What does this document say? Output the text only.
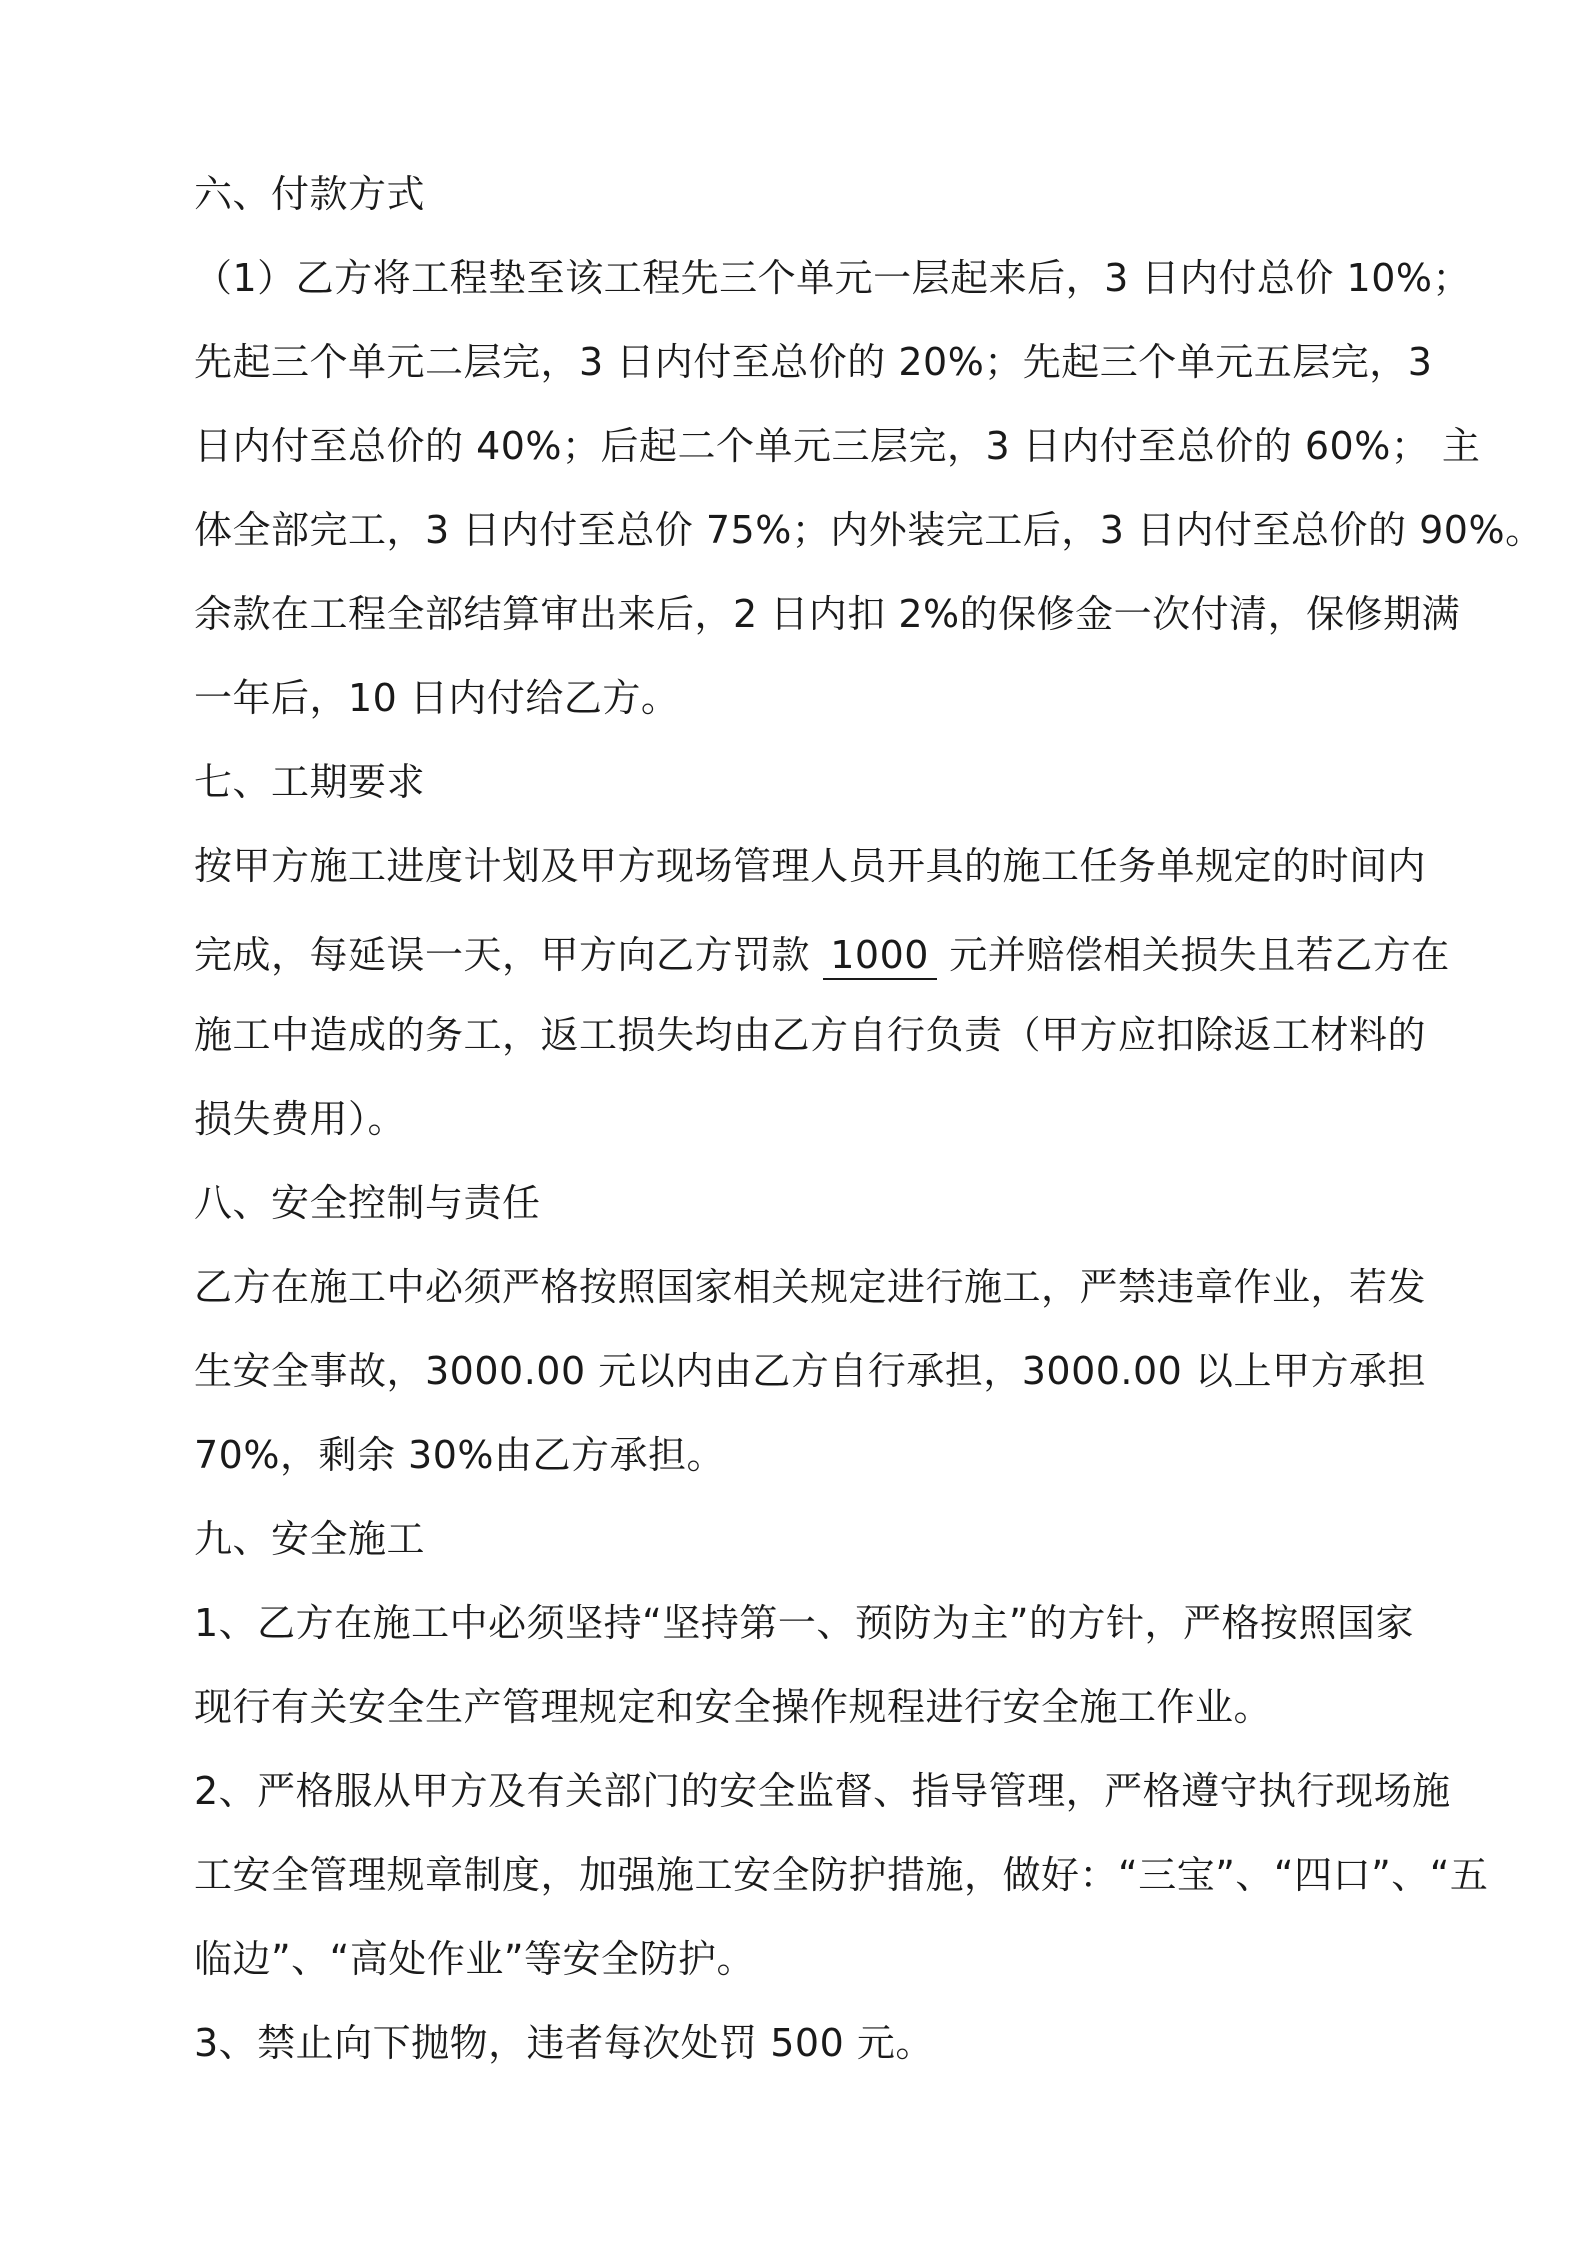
六、付款方式
（1）乙方将工程垫至该工程先三个单元一层起来后，3 日内付总价 10%；
先起三个单元二层完，3 日内付至总价的 20%；先起三个单元五层完，3
日内付至总价的 40%；后起二个单元三层完，3 日内付至总价的 60%； 主
体全部完工，3 日内付至总价 75%；内外装完工后，3 日内付至总价的 90%。
余款在工程全部结算审出来后，2 日内扣 2%的保修金一次付清，保修期满
一年后，10 日内付给乙方。
七、工期要求
按甲方施工进度计划及甲方现场管理人员开具的施工任务单规定的时间内
完成，每延误一天，甲方向乙方罚款 1000 元并赔偿相关损失且若乙方在
施工中造成的务工，返工损失均由乙方自行负责（甲方应扣除返工材料的
损失费用）。
八、安全控制与责任
乙方在施工中必须严格按照国家相关规定进行施工，严禁违章作业，若发
生安全事故，3000.00 元以内由乙方自行承担，3000.00 以上甲方承担
70%，剩余 30%由乙方承担。
九、安全施工
1、乙方在施工中必须坚持“坚持第一、预防为主”的方针，严格按照国家
现行有关安全生产管理规定和安全操作规程进行安全施工作业。
2、严格服从甲方及有关部门的安全监督、指导管理，严格遵守执行现场施
工安全管理规章制度，加强施工安全防护措施，做好：“三宝”、“四口”、“五
临边”、“高处作业”等安全防护。
3、禁止向下抛物，违者每次处罚 500 元。
